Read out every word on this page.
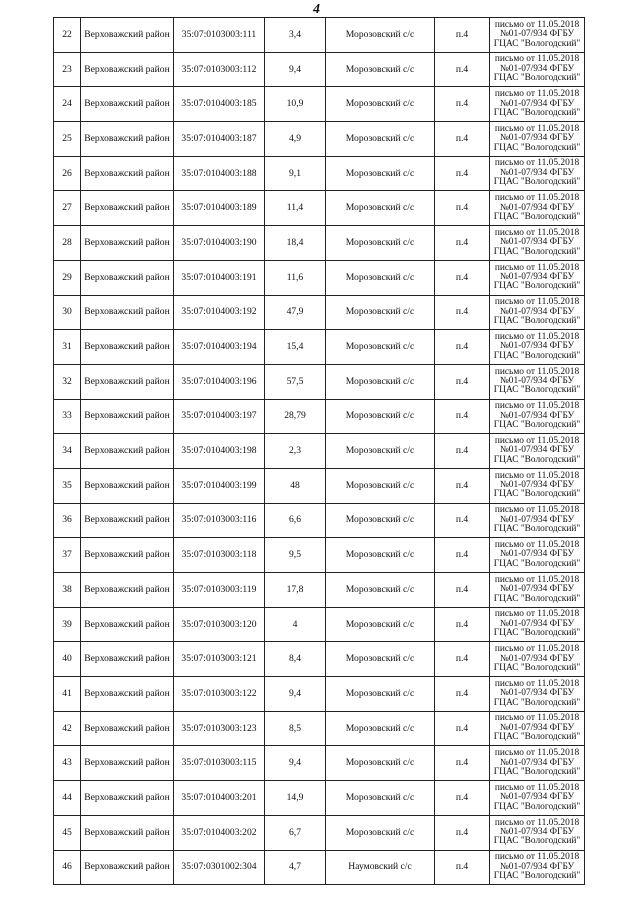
4
22	Верховажский район	35:07:0103003:111	3,4	Морозовский с/с	п.4	письмо от 11.05.2018
№01-07/934 ФГБУ
ГЦАС "Вологодский"

23	Верховажский район	35:07:0103003:112	9,4	Морозовский с/с	п.4	письмо от 11.05.2018
№01-07/934 ФГБУ
ГЦАС "Вологодский"

24	Верховажский район	35:07:0104003:185	10,9	Морозовский с/с	п.4	письмо от 11.05.2018
№01-07/934 ФГБУ
ГЦАС "Вологодский"

25	Верховажский район	35:07:0104003:187	4,9	Морозовский с/с	п.4	письмо от 11.05.2018
№01-07/934 ФГБУ
ГЦАС "Вологодский"

26	Верховажский район	35:07:0104003:188	9,1	Морозовский с/с	п.4	письмо от 11.05.2018
№01-07/934 ФГБУ
ГЦАС "Вологодский"

27	Верховажский район	35:07:0104003:189	11,4	Морозовский с/с	п.4	письмо от 11.05.2018
№01-07/934 ФГБУ
ГЦАС "Вологодский"

28	Верховажский район	35:07:0104003:190	18,4	Морозовский с/с	п.4	письмо от 11.05.2018
№01-07/934 ФГБУ
ГЦАС "Вологодский"

29	Верховажский район	35:07:0104003:191	11,6	Морозовский с/с	п.4	письмо от 11.05.2018
№01-07/934 ФГБУ
ГЦАС "Вологодский"

30	Верховажский район	35:07:0104003:192	47,9	Морозовский с/с	п.4	письмо от 11.05.2018
№01-07/934 ФГБУ
ГЦАС "Вологодский"

31	Верховажский район	35:07:0104003:194	15,4	Морозовский с/с	п.4	письмо от 11.05.2018
№01-07/934 ФГБУ
ГЦАС "Вологодский"

32	Верховажский район	35:07:0104003:196	57,5	Морозовский с/с	п.4	письмо от 11.05.2018
№01-07/934 ФГБУ
ГЦАС "Вологодский"

33	Верховажский район	35:07:0104003:197	28,79	Морозовский с/с	п.4	письмо от 11.05.2018
№01-07/934 ФГБУ
ГЦАС "Вологодский"

34	Верховажский район	35:07:0104003:198	2,3	Морозовский с/с	п.4	письмо от 11.05.2018
№01-07/934 ФГБУ
ГЦАС "Вологодский"

35	Верховажский район	35:07:0104003:199	48	Морозовский с/с	п.4	письмо от 11.05.2018
№01-07/934 ФГБУ
ГЦАС "Вологодский"

36	Верховажский район	35:07:0103003:116	6,6	Морозовский с/с	п.4	письмо от 11.05.2018
№01-07/934 ФГБУ
ГЦАС "Вологодский"

37	Верховажский район	35:07:0103003:118	9,5	Морозовский с/с	п.4	письмо от 11.05.2018
№01-07/934 ФГБУ
ГЦАС "Вологодский"

38	Верховажский район	35:07:0103003:119	17,8	Морозовский с/с	п.4	письмо от 11.05.2018
№01-07/934 ФГБУ
ГЦАС "Вологодский"

39	Верховажский район	35:07:0103003:120	4	Морозовский с/с	п.4	письмо от 11.05.2018
№01-07/934 ФГБУ
ГЦАС "Вологодский"

40	Верховажский район	35:07:0103003:121	8,4	Морозовский с/с	п.4	письмо от 11.05.2018
№01-07/934 ФГБУ
ГЦАС "Вологодский"

41	Верховажский район	35:07:0103003:122	9,4	Морозовский с/с	п.4	письмо от 11.05.2018
№01-07/934 ФГБУ
ГЦАС "Вологодский"

42	Верховажский район	35:07:0103003:123	8,5	Морозовский с/с	п.4	письмо от 11.05.2018
№01-07/934 ФГБУ
ГЦАС "Вологодский"

43	Верховажский район	35:07:0103003:115	9,4	Морозовский с/с	п.4	письмо от 11.05.2018
№01-07/934 ФГБУ
ГЦАС "Вологодский"

44	Верховажский район	35:07:0104003:201	14,9	Морозовский с/с	п.4	письмо от 11.05.2018
№01-07/934 ФГБУ
ГЦАС "Вологодский"

45	Верховажский район	35:07:0104003:202	6,7	Морозовский с/с	п.4	письмо от 11.05.2018
№01-07/934 ФГБУ
ГЦАС "Вологодский"

46	Верховажский район	35:07:0301002:304	4,7	Наумовский с/с	п.4	письмо от 11.05.2018
№01-07/934 ФГБУ
ГЦАС "Вологодский"
